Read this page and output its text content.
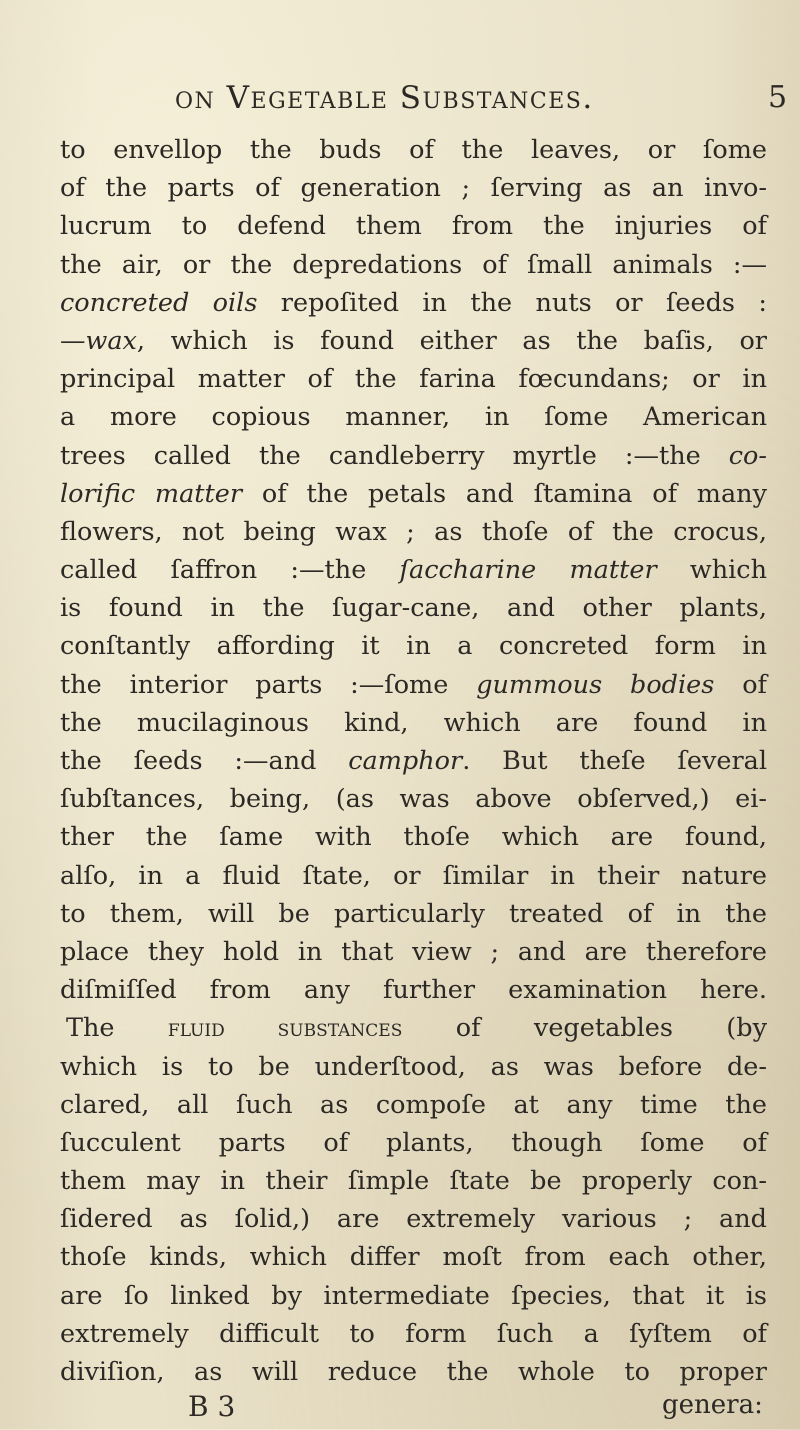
on Vegetable Substances.	5
to envellop the buds of the leaves, or ſome
of the parts of generation ; ſerving as an invo-
lucrum to defend them from the injuries of
the air, or the depredations of ſmall animals :—
concreted oils repoſited in the nuts or ſeeds :
—wax, which is found either as the baſis, or
principal matter of the farina fœcundans; or in
a more copious manner, in ſome American
trees called the candleberry myrtle :—the co-
lorific matter of the petals and ſtamina of many
flowers, not being wax ; as thoſe of the crocus,
called ſaffron :—the ſaccharine matter which
is found in the ſugar-cane, and other plants,
conſtantly affording it in a concreted form in
the interior parts :—ſome gummous bodies of
the mucilaginous kind, which are found in
the ſeeds :—and camphor. But theſe ſeveral
ſubſtances, being, (as was above obſerved,) ei-
ther the ſame with thoſe which are found,
alſo, in a fluid ſtate, or ſimilar in their nature
to them, will be particularly treated of in the
place they hold in that view ; and are therefore
diſmiſſed from any further examination here.
The fluid substances of vegetables (by
which is to be underſtood, as was before de-
clared, all ſuch as compoſe at any time the
ſucculent parts of plants, though ſome of
them may in their ſimple ſtate be properly con-
ſidered as ſolid,) are extremely various ; and
thoſe kinds, which differ moſt from each other,
are ſo linked by intermediate ſpecies, that it is
extremely difficult to form ſuch a ſyſtem of
diviſion, as will reduce the whole to proper
B 3	genera:
